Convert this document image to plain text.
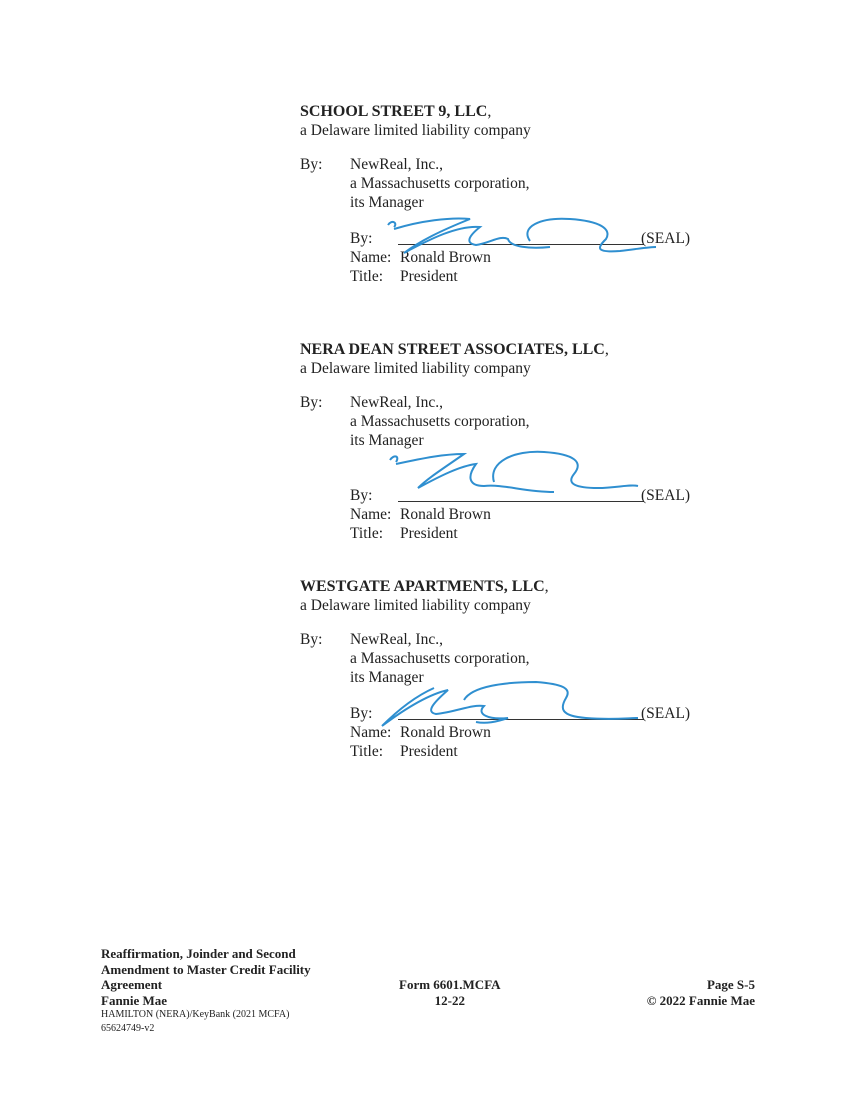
SCHOOL STREET 9, LLC,
a Delaware limited liability company
By: NewReal, Inc.,
a Massachusetts corporation,
its Manager
By:	(SEAL)
Name: Ronald Brown
Title: President
NERA DEAN STREET ASSOCIATES, LLC,
a Delaware limited liability company
By: NewReal, Inc.,
a Massachusetts corporation,
its Manager
By:	(SEAL)
Name: Ronald Brown
Title: President
WESTGATE APARTMENTS, LLC,
a Delaware limited liability company
By: NewReal, Inc.,
a Massachusetts corporation,
its Manager
By:	(SEAL)
Name: Ronald Brown
Title: President
Reaffirmation, Joinder and Second
Amendment to Master Credit Facility
Agreement
Fannie Mae
HAMILTON (NERA)/KeyBank (2021 MCFA)
65624749-v2
Form 6601.MCFA
12-22
Page S-5
© 2022 Fannie Mae
